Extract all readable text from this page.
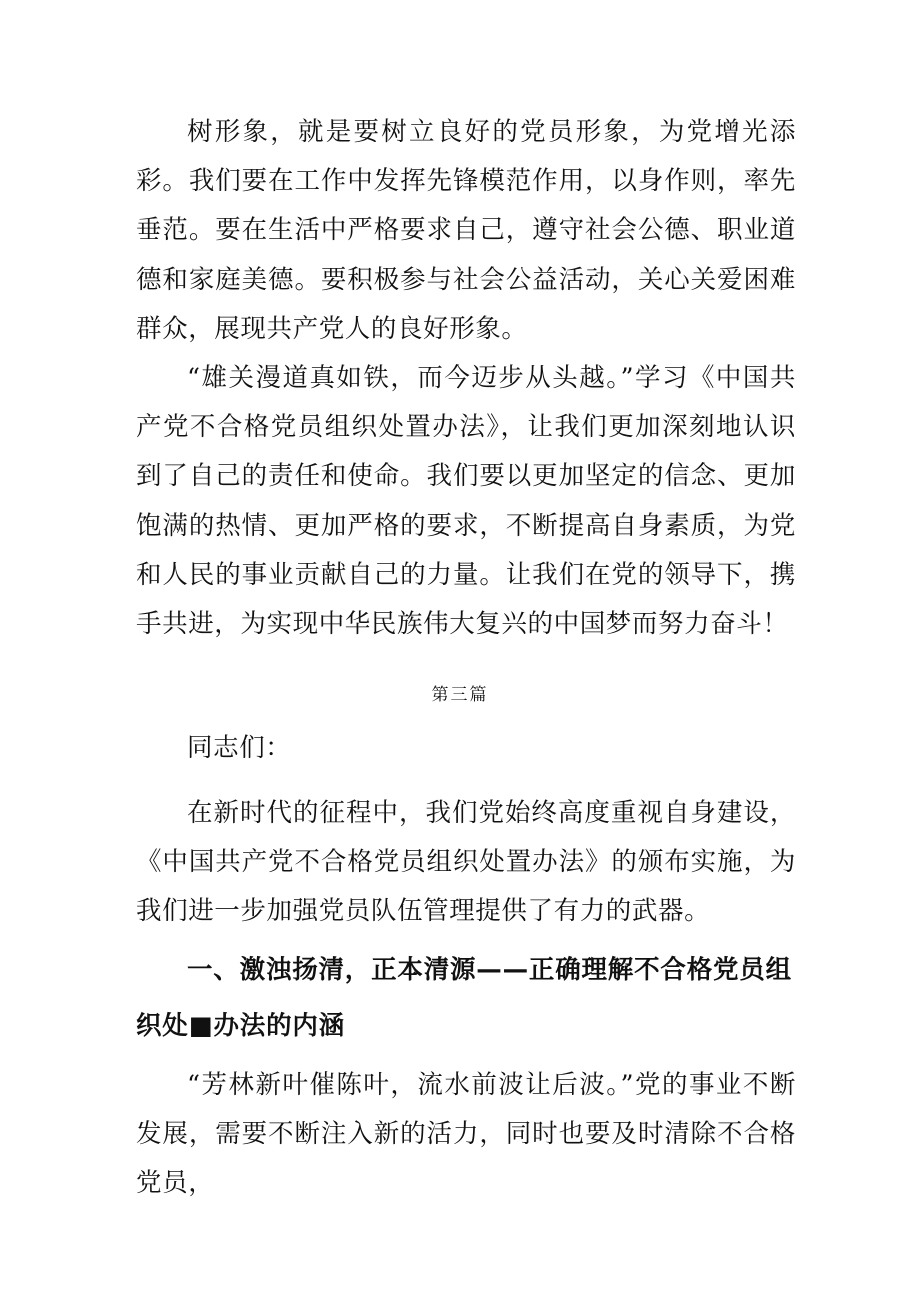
树形象，就是要树立良好的党员形象，为党增光添彩。我们要在工作中发挥先锋模范作用，以身作则，率先垂范。要在生活中严格要求自己，遵守社会公德、职业道德和家庭美德。要积极参与社会公益活动，关心关爱困难群众，展现共产党人的良好形象。

“雄关漫道真如铁，而今迈步从头越。”学习《中国共产党不合格党员组织处置办法》，让我们更加深刻地认识到了自己的责任和使命。我们要以更加坚定的信念、更加饱满的热情、更加严格的要求，不断提高自身素质，为党和人民的事业贡献自己的力量。让我们在党的领导下，携手共进，为实现中华民族伟大复兴的中国梦而努力奋斗！

第三篇

同志们：

在新时代的征程中，我们党始终高度重视自身建设，《中国共产党不合格党员组织处置办法》的颁布实施，为我们进一步加强党员队伍管理提供了有力的武器。

一、激浊扬清，正本清源——正确理解不合格党员组织处■办法的内涵

“芳林新叶催陈叶，流水前波让后波。”党的事业不断发展，需要不断注入新的活力，同时也要及时清除不合格党员，
